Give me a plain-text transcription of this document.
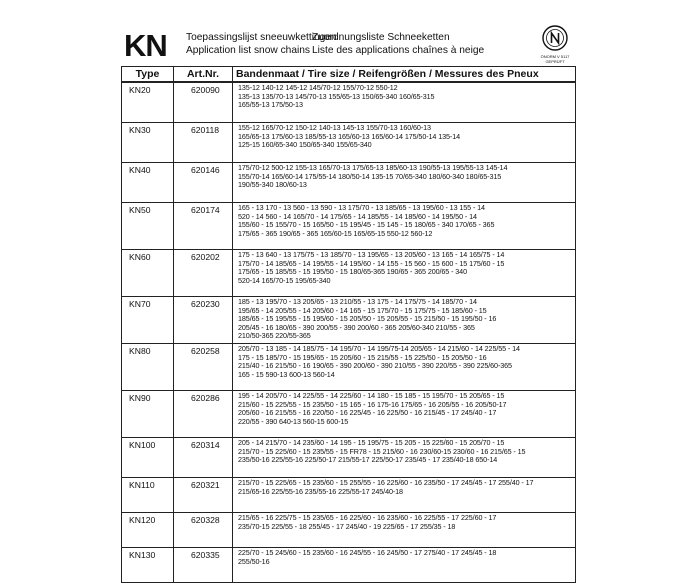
KN Toepassingslijst sneeuwkettingen
Application list snow chains
Zuordnungsliste Schneeketten
Liste des applications chaînes à neige
ÖNORM V 5117
GEPRÜFT
Type	Art.Nr.	Bandenmaat / Tire size / Reifengrößen / Messures des Pneux
KN20	620090	135-12 140-12 145-12 145/70-12 155/70-12 550-12
135-13 135/70-13 145/70-13 155/65-13 150/65-340 160/65-315
165/55-13 175/50-13
KN30	620118	155-12 165/70-12 150-12 140-13 145-13 155/70-13 160/60-13
165/65-13 175/60-13 185/55-13 165/60-13 165/60-14 175/50-14 135-14
125-15 160/65-340 150/65-340 155/65-340
KN40	620146	175/70-12 500-12 155-13 165/70-13 175/65-13 185/60-13 190/55-13 195/55-13 145-14
155/70-14 165/60-14 175/55-14 180/50-14 135-15 70/65-340 180/60-340 180/65-315
190/55-340 180/60-13
KN50	620174	165 - 13 170 - 13 560 - 13 590 - 13 175/70 - 13 185/65 - 13 195/60 - 13 155 - 14
520 - 14 560 - 14 165/70 - 14 175/65 - 14 185/55 - 14 185/60 - 14 195/50 - 14
155/60 - 15 155/70 - 15 165/50 - 15 195/45 - 15 145 - 15 180/65 - 340 170/65 - 365
175/65 - 365 190/65 - 365 165/60-15 165/65-15 550-12 560-12
KN60	620202	175 - 13 640 - 13 175/75 - 13 185/70 - 13 195/65 - 13 205/60 - 13 165 - 14 165/75 - 14
175/70 - 14 185/65 - 14 195/55 - 14 195/60 - 14 155 - 15 560 - 15 600 - 15 175/60 - 15
175/65 - 15 185/55 - 15 195/50 - 15 180/65-365 190/65 - 365 200/65 - 340
520-14 165/70-15 195/65-340
KN70	620230	185 - 13 195/70 - 13 205/65 - 13 210/55 - 13 175 - 14 175/75 - 14 185/70 - 14
195/65 - 14 205/55 - 14 205/60 - 14 165 - 15 175/70 - 15 175/75 - 15 185/60 - 15
185/65 - 15 195/55 - 15 195/60 - 15 205/50 - 15 205/55 - 15 215/50 - 15 195/50 - 16
205/45 - 16 180/65 - 390 200/55 - 390 200/60 - 365 205/60-340 210/55 - 365
210/50-365 220/55-365
KN80	620258	205/70 - 13 185 - 14 185/75 - 14 195/70 - 14 195/75-14 205/65 - 14 215/60 - 14 225/55 - 14
175 - 15 185/70 - 15 195/65 - 15 205/60 - 15 215/55 - 15 225/50 - 15 205/50 - 16
215/40 - 16 215/50 - 16 190/65 - 390 200/60 - 390 210/55 - 390 220/55 - 390 225/60-365
165 - 15 590-13 600-13 560-14
KN90	620286	195 - 14 205/70 - 14 225/55 - 14 225/60 - 14 180 - 15 185 - 15 195/70 - 15 205/65 - 15
215/60 - 15 225/55 - 15 235/50 - 15 165 - 16 175-16 175/65 - 16 205/55 - 16 205/50-17
205/60 - 16 215/55 - 16 220/50 - 16 225/45 - 16 225/50 - 16 215/45 - 17 245/40 - 17
220/55 - 390 640-13 560-15 600-15
KN100	620314	205 - 14 215/70 - 14 235/60 - 14 195 - 15 195/75 - 15 205 - 15 225/60 - 15 205/70 - 15
215/70 - 15 225/60 - 15 235/55 - 15 FR78 - 15 215/60 - 16 230/60-15 230/60 - 16 215/65 - 15
235/50-16 225/55-16 225/50-17 215/55-17 225/50-17 235/45 - 17 235/40-18 650-14
KN110	620321	215/70 - 15 225/65 - 15 235/60 - 15 255/55 - 16 225/60 - 16 235/50 - 17 245/45 - 17 255/40 - 17
215/65-16 225/55-16 235/55-16 225/55-17 245/40-18
KN120	620328	215/65 - 16 225/75 - 15 235/65 - 16 225/60 - 16 235/60 - 16 225/55 - 17 225/60 - 17
235/70-15 225/55 - 18 255/45 - 17 245/40 - 19 225/65 - 17 255/35 - 18
KN130	620335	225/70 - 15 245/60 - 15 235/60 - 16 245/55 - 16 245/50 - 17 275/40 - 17 245/45 - 18
255/50-16
